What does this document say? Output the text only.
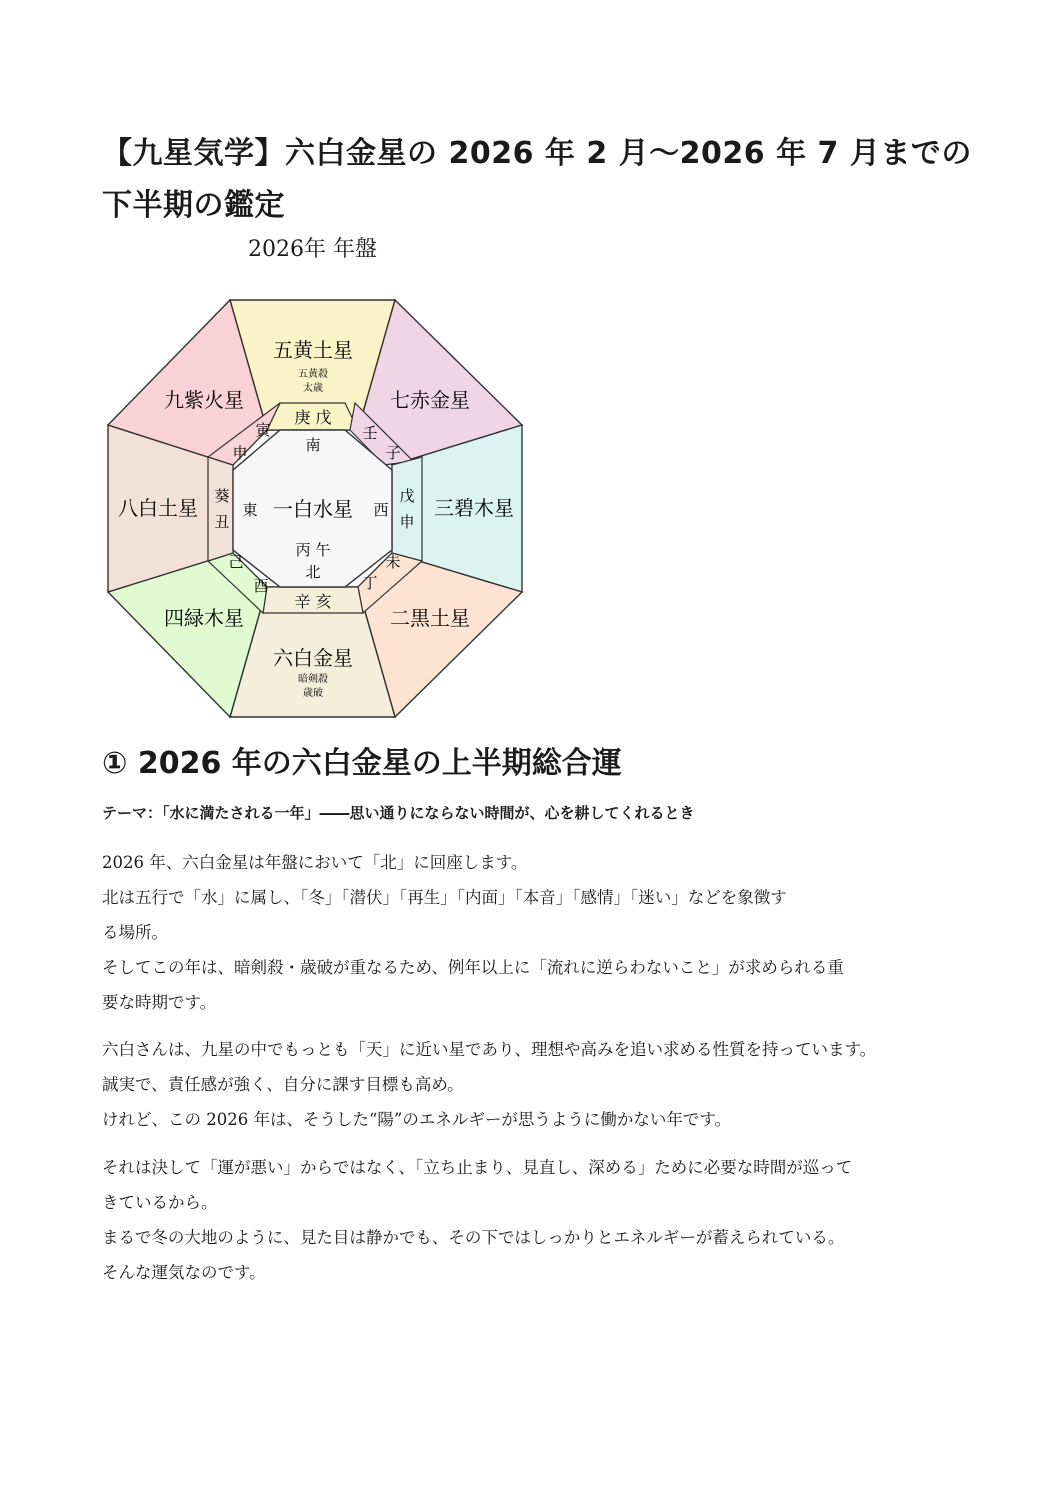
【九星気学】六白金星の 2026 年 2 月〜2026 年 7 月までの
下半期の鑑定

2026年 年盤

五黄土星
五黄殺
太歳	七赤金星
三碧木星
二黒土星
六白金星
暗剣殺
歳破
四緑木星
八白土星
九紫火星
庚 戊
壬
子
戊
申
未
丁
辛 亥
己
酉
葵
丑
寅
申	南
東 一白水星 西
丙 午
北
① 2026 年の六白金星の上半期総合運

テーマ：「水に満たされる一年」――思い通りにならない時間が、心を耕してくれるとき

2026 年、六白金星は年盤において「北」に回座します。
北は五行で「水」に属し、「冬」「潜伏」「再生」「内面」「本音」「感情」「迷い」などを象徴す
る場所。
そしてこの年は、暗剣殺・歳破が重なるため、例年以上に「流れに逆らわないこと」が求められる重
要な時期です。

六白さんは、九星の中でもっとも「天」に近い星であり、理想や高みを追い求める性質を持っています。
誠実で、責任感が強く、自分に課す目標も高め。
けれど、この 2026 年は、そうした“陽”のエネルギーが思うように働かない年です。

それは決して「運が悪い」からではなく、「立ち止まり、見直し、深める」ために必要な時間が巡って
きているから。
まるで冬の大地のように、見た目は静かでも、その下ではしっかりとエネルギーが蓄えられている。
そんな運気なのです。
